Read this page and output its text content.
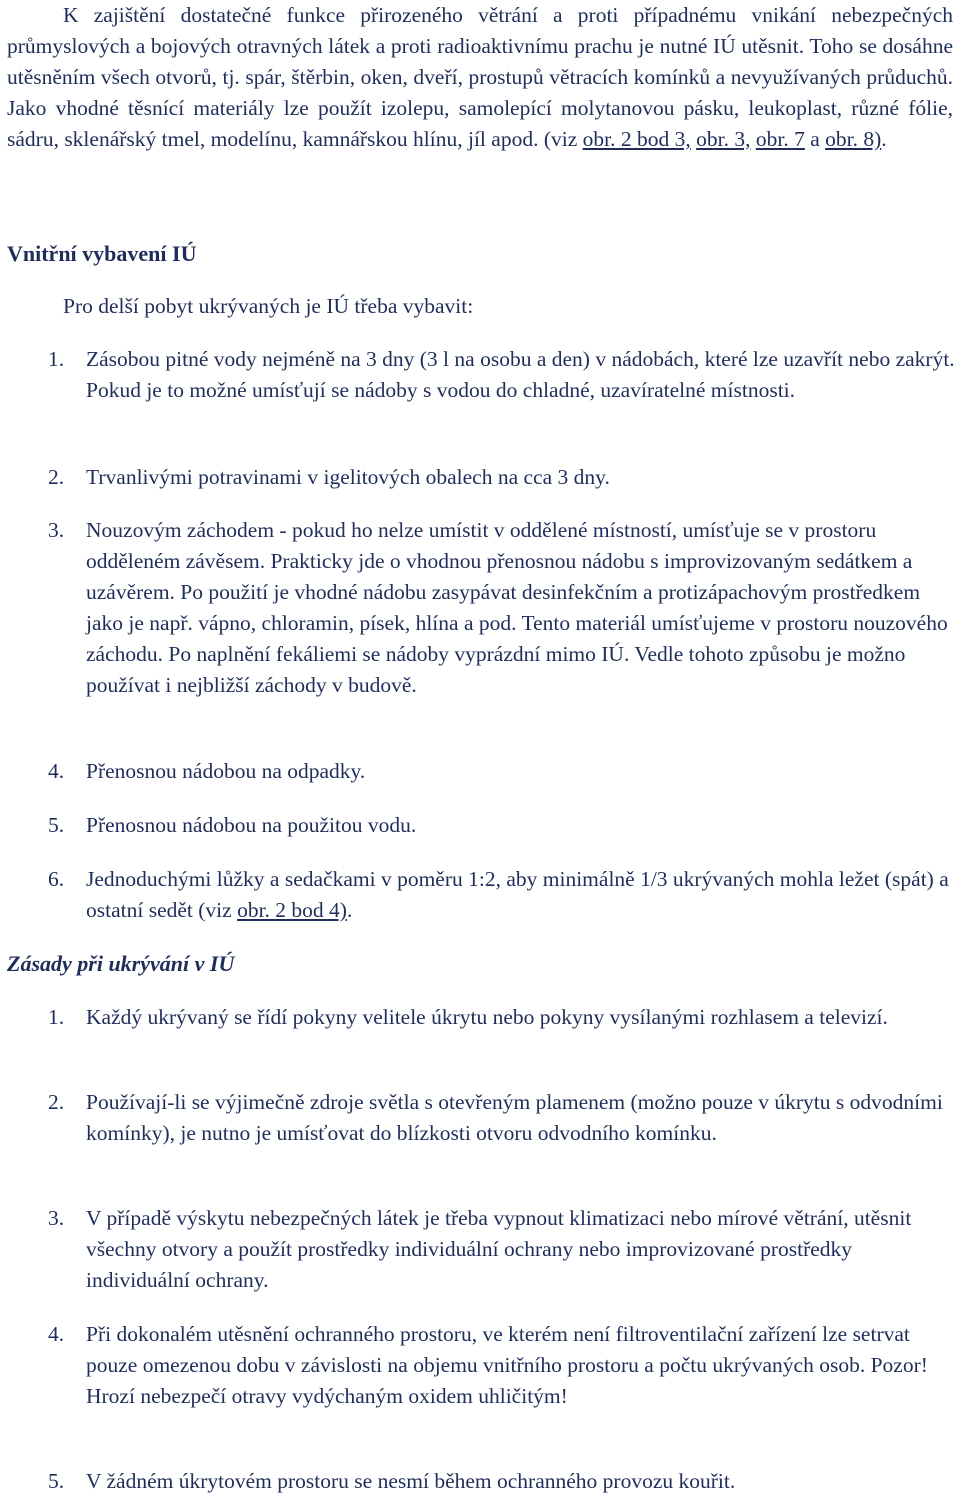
K zajištění dostatečné funkce přirozeného větrání a proti případnému vnikání nebezpečných průmyslových a bojových otravných látek a proti radioaktivnímu prachu je nutné IÚ utěsnit. Toho se dosáhne utěsněním všech otvorů, tj. spár, štěrbin, oken, dveří, prostupů větracích komínků a nevyužívaných průduchů. Jako vhodné těsnící materiály lze použít izolepu, samolepící molytanovou pásku, leukoplast, různé fólie, sádru, sklenářský tmel, modelínu, kamnářskou hlínu, jíl apod. (viz obr. 2 bod 3, obr. 3, obr. 7 a obr. 8).

Vnitřní vybavení IÚ

Pro delší pobyt ukrývaných je IÚ třeba vybavit:

1.	Zásobou pitné vody nejméně na 3 dny (3 l na osobu a den) v nádobách, které lze uzavřít nebo zakrýt. Pokud je to možné umísťují se nádoby s vodou do chladné, uzavíratelné místnosti.
2.	Trvanlivými potravinami v igelitových obalech na cca 3 dny.
3.	Nouzovým záchodem - pokud ho nelze umístit v oddělené místností, umísťuje se v prostoru odděleném závěsem. Prakticky jde o vhodnou přenosnou nádobu s improvizovaným sedátkem a uzávěrem. Po použití je vhodné nádobu zasypávat desinfekčním a protizápachovým prostředkem jako je např. vápno, chloramin, písek, hlína a pod. Tento materiál umísťujeme v prostoru nouzového záchodu. Po naplnění fekáliemi se nádoby vyprázdní mimo IÚ. Vedle tohoto způsobu je možno používat i nejbližší záchody v budově.
4.	Přenosnou nádobou na odpadky.
5.	Přenosnou nádobou na použitou vodu.
6.	Jednoduchými lůžky a sedačkami v poměru 1:2, aby minimálně 1/3 ukrývaných mohla ležet (spát) a ostatní sedět (viz obr. 2 bod 4).
Zásady při ukrývání v IÚ
1.	Každý ukrývaný se řídí pokyny velitele úkrytu nebo pokyny vysílanými rozhlasem a televizí.
2.	Používají-li se výjimečně zdroje světla s otevřeným plamenem (možno pouze v úkrytu s odvodními komínky), je nutno je umísťovat do blízkosti otvoru odvodního komínku.
3.	V případě výskytu nebezpečných látek je třeba vypnout klimatizaci nebo mírové větrání, utěsnit všechny otvory a použít prostředky individuální ochrany nebo improvizované prostředky individuální ochrany.
4.	Při dokonalém utěsnění ochranného prostoru, ve kterém není filtroventilační zařízení lze setrvat pouze omezenou dobu v závislosti na objemu vnitřního prostoru a počtu ukrývaných osob. Pozor! Hrozí nebezpečí otravy vydýchaným oxidem uhličitým!
5.	V žádném úkrytovém prostoru se nesmí během ochranného provozu kouřit.
